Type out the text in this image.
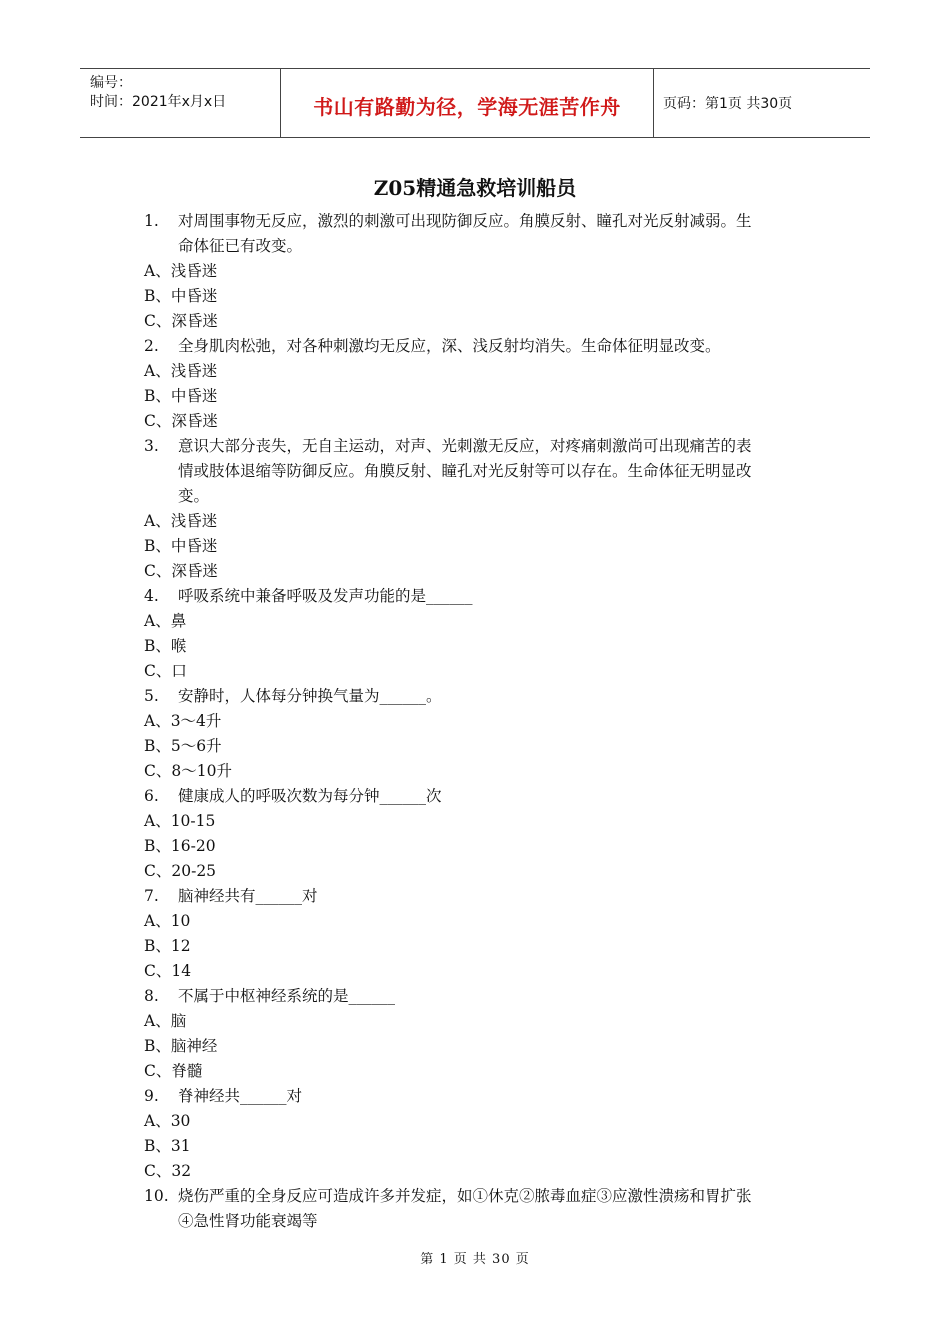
编号：
时间：2021年x月x日	书山有路勤为径，学海无涯苦作舟	页码：第1页 共30页
Z05精通急救培训船员
1.	对周围事物无反应，激烈的刺激可出现防御反应。角膜反射、瞳孔对光反射减弱。生
命体征已有改变。
A、浅昏迷
B、中昏迷
C、深昏迷
2.	全身肌肉松弛，对各种刺激均无反应，深、浅反射均消失。生命体征明显改变。
A、浅昏迷
B、中昏迷
C、深昏迷
3.	意识大部分丧失，无自主运动，对声、光刺激无反应，对疼痛刺激尚可出现痛苦的表
情或肢体退缩等防御反应。角膜反射、瞳孔对光反射等可以存在。生命体征无明显改
变。
A、浅昏迷
B、中昏迷
C、深昏迷
4.	呼吸系统中兼备呼吸及发声功能的是______
A、鼻
B、喉
C、口
5.	安静时，人体每分钟换气量为______。
A、3～4升
B、5～6升
C、8～10升
6.	健康成人的呼吸次数为每分钟______次
A、10-15
B、16-20
C、20-25
7.	脑神经共有______对
A、10
B、12
C、14
8.	不属于中枢神经系统的是______
A、脑
B、脑神经
C、脊髓
9.	脊神经共______对
A、30
B、31
C、32
10. 烧伤严重的全身反应可造成许多并发症，如①休克②脓毒血症③应激性溃疡和胃扩张
④急性肾功能衰竭等
第 1 页 共 30 页
